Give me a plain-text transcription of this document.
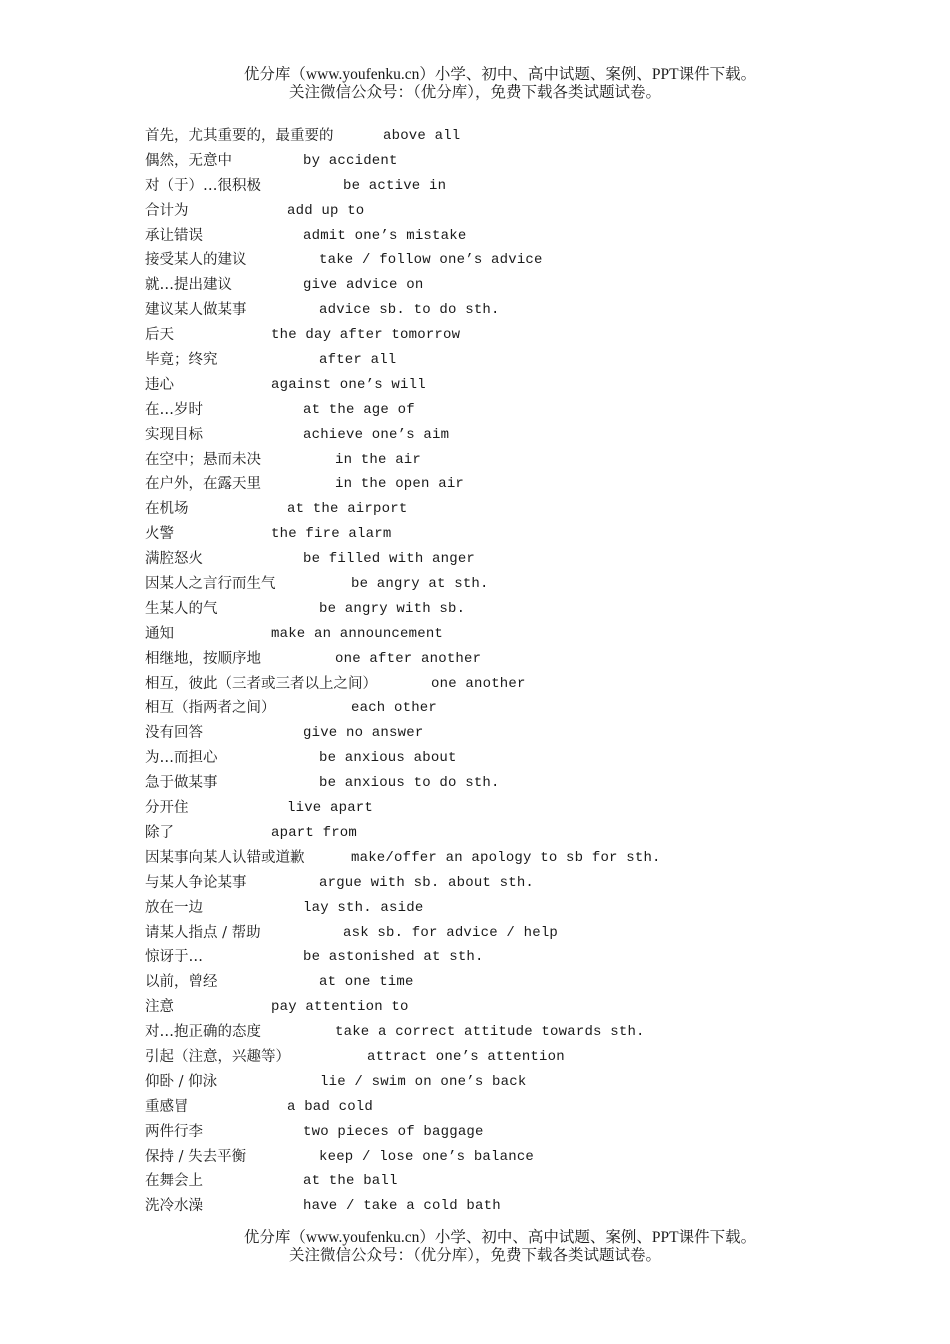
优分库（www.youfenku.cn）小学、初中、高中试题、案例、PPT课件下载。
关注微信公众号：（优分库），免费下载各类试题试卷。
首先，尤其重要的，最重要的	above all
偶然，无意中	by accident
对（于）…很积极	be active in
合计为	add up to
承让错误	admit one’s mistake
接受某人的建议	take / follow one’s advice
就…提出建议	give advice on
建议某人做某事	advice sb. to do sth.
后天	the day after tomorrow
毕竟；终究	after all
违心	against one’s will
在…岁时	at the age of
实现目标	achieve one’s aim
在空中；悬而未决	in the air
在户外，在露天里	in the open air
在机场	at the airport
火警	the fire alarm
满腔怒火	be filled with anger
因某人之言行而生气	be angry at sth.
生某人的气	be angry with sb.
通知	make an announcement
相继地，按顺序地	one after another
相互，彼此（三者或三者以上之间）	one another
相互（指两者之间）	each other
没有回答	give no answer
为…而担心	be anxious about
急于做某事	be anxious to do sth.
分开住	live apart
除了	apart from
因某事向某人认错或道歉	make/offer an apology to sb for sth.
与某人争论某事	argue with sb. about sth.
放在一边	lay sth. aside
请某人指点 / 帮助	ask sb. for advice / help
惊讶于…	be astonished at sth.
以前，曾经	at one time
注意	pay attention to
对…抱正确的态度	take a correct attitude towards sth.
引起（注意，兴趣等）	attract one’s attention
仰卧 / 仰泳	lie / swim on one’s back
重感冒	a bad cold
两件行李	two pieces of baggage
保持 / 失去平衡	keep / lose one’s balance
在舞会上	at the ball
洗冷水澡	have / take a cold bath
优分库（www.youfenku.cn）小学、初中、高中试题、案例、PPT课件下载。
关注微信公众号：（优分库），免费下载各类试题试卷。
